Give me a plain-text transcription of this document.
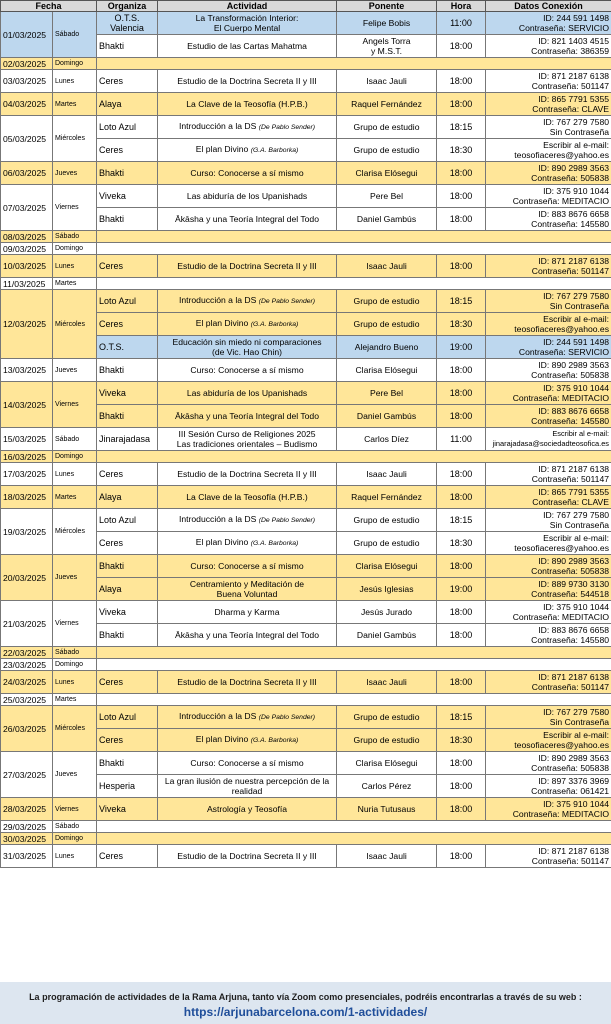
Fecha		Organiza	Actividad	Ponente	Hora	Datos Conexión
01/03/2025	Sábado	O.T.S.
Valencia	La Transformación Interior:
El Cuerpo Mental	Felipe Bobis	11:00	ID: 244 591 1498
Contraseña: SERVICIO
		Bhakti	Estudio de las Cartas Mahatma	Angels Torra
y M.S.T.	18:00	ID: 821 1403 4515
Contraseña: 386359
02/03/2025	Domingo					
03/03/2025	Lunes	Ceres	Estudio de la Doctrina Secreta II y III	Isaac Jauli	18:00	ID: 871 2187 6138
Contraseña: 501147
04/03/2025	Martes	Alaya	La Clave de la Teosofía (H.P.B.)	Raquel Fernández	18:00	ID: 865 7791 5355
Contraseña: CLAVE
05/03/2025	Miércoles	Loto Azul	Introducción a la DS (De Pablo Sender)	Grupo de estudio	18:15	ID: 767 279 7580
Sin Contraseña
		Ceres	El plan Divino (G.A. Barborka)	Grupo de estudio	18:30	Escribir al e-mail:
teosofiaceres@yahoo.es
06/03/2025	Jueves	Bhakti	Curso: Conocerse a sí mismo	Clarisa Elósegui	18:00	ID: 890 2989 3563
Contraseña: 505838
07/03/2025	Viernes	Viveka	Las abiduría de los Upanishads	Pere Bel	18:00	ID: 375 910 1044
Contraseña: MEDITACIO
		Bhakti	Ākāsha y una Teoría Integral del Todo	Daniel Gambús	18:00	ID: 883 8676 6658
Contraseña: 145580
08/03/2025	Sábado					
09/03/2025	Domingo					
10/03/2025	Lunes	Ceres	Estudio de la Doctrina Secreta II y III	Isaac Jauli	18:00	ID: 871 2187 6138
Contraseña: 501147
11/03/2025	Martes					
12/03/2025	Miércoles	Loto Azul	Introducción a la DS (De Pablo Sender)	Grupo de estudio	18:15	ID: 767 279 7580
Sin Contraseña
		Ceres	El plan Divino (G.A. Barborka)	Grupo de estudio	18:30	Escribir al e-mail:
teosofiaceres@yahoo.es
		O.T.S.	Educación sin miedo ni comparaciones
(de Vic. Hao Chin)	Alejandro Bueno	19:00	ID: 244 591 1498
Contraseña: SERVICIO
13/03/2025	Jueves	Bhakti	Curso: Conocerse a sí mismo	Clarisa Elósegui	18:00	ID: 890 2989 3563
Contraseña: 505838
14/03/2025	Viernes	Viveka	Las abiduría de los Upanishads	Pere Bel	18:00	ID: 375 910 1044
Contraseña: MEDITACIO
		Bhakti	Ākāsha y una Teoría Integral del Todo	Daniel Gambús	18:00	ID: 883 8676 6658
Contraseña: 145580
15/03/2025	Sábado	Jinarajadasa	III Sesión Curso de Religiones 2025
Las tradiciones orientales – Budismo	Carlos Díez	11:00	Escribir al e-mail:
jinarajadasa@sociedadteosofica.es
16/03/2025	Domingo					
17/03/2025	Lunes	Ceres	Estudio de la Doctrina Secreta II y III	Isaac Jauli	18:00	ID: 871 2187 6138
Contraseña: 501147
18/03/2025	Martes	Alaya	La Clave de la Teosofía (H.P.B.)	Raquel Fernández	18:00	ID: 865 7791 5355
Contraseña: CLAVE
19/03/2025	Miércoles	Loto Azul	Introducción a la DS (De Pablo Sender)	Grupo de estudio	18:15	ID: 767 279 7580
Sin Contraseña
		Ceres	El plan Divino (G.A. Barborka)	Grupo de estudio	18:30	Escribir al e-mail:
teosofiaceres@yahoo.es
20/03/2025	Jueves	Bhakti	Curso: Conocerse a sí mismo	Clarisa Elósegui	18:00	ID: 890 2989 3563
Contraseña: 505838
		Alaya	Centramiento y Meditación de
Buena Voluntad	Jesús Iglesias	19:00	ID: 889 9730 3130
Contraseña: 544518
21/03/2025	Viernes	Viveka	Dharma y Karma	Jesús Jurado	18:00	ID: 375 910 1044
Contraseña: MEDITACIO
		Bhakti	Ākāsha y una Teoría Integral del Todo	Daniel Gambús	18:00	ID: 883 8676 6658
Contraseña: 145580
22/03/2025	Sábado					
23/03/2025	Domingo					
24/03/2025	Lunes	Ceres	Estudio de la Doctrina Secreta II y III	Isaac Jauli	18:00	ID: 871 2187 6138
Contraseña: 501147
25/03/2025	Martes					
26/03/2025	Miércoles	Loto Azul	Introducción a la DS (De Pablo Sender)	Grupo de estudio	18:15	ID: 767 279 7580
Sin Contraseña
		Ceres	El plan Divino (G.A. Barborka)	Grupo de estudio	18:30	Escribir al e-mail:
teosofiaceres@yahoo.es
27/03/2025	Jueves	Bhakti	Curso: Conocerse a sí mismo	Clarisa Elósegui	18:00	ID: 890 2989 3563
Contraseña: 505838
		Hesperia	La gran ilusión de nuestra percepción de la
realidad	Carlos Pérez	18:00	ID: 897 3376 3969
Contraseña: 061421
28/03/2025	Viernes	Viveka	Astrología y Teosofía	Nuria Tutusaus	18:00	ID: 375 910 1044
Contraseña: MEDITACIO
29/03/2025	Sábado					
30/03/2025	Domingo					
31/03/2025	Lunes	Ceres	Estudio de la Doctrina Secreta II y III	Isaac Jauli	18:00	ID: 871 2187 6138
Contraseña: 501147
La programación de actividades de la Rama Arjuna, tanto vía Zoom como presenciales, podréis encontrarlas a través de su web :
https://arjunabarcelona.com/1-actividades/
